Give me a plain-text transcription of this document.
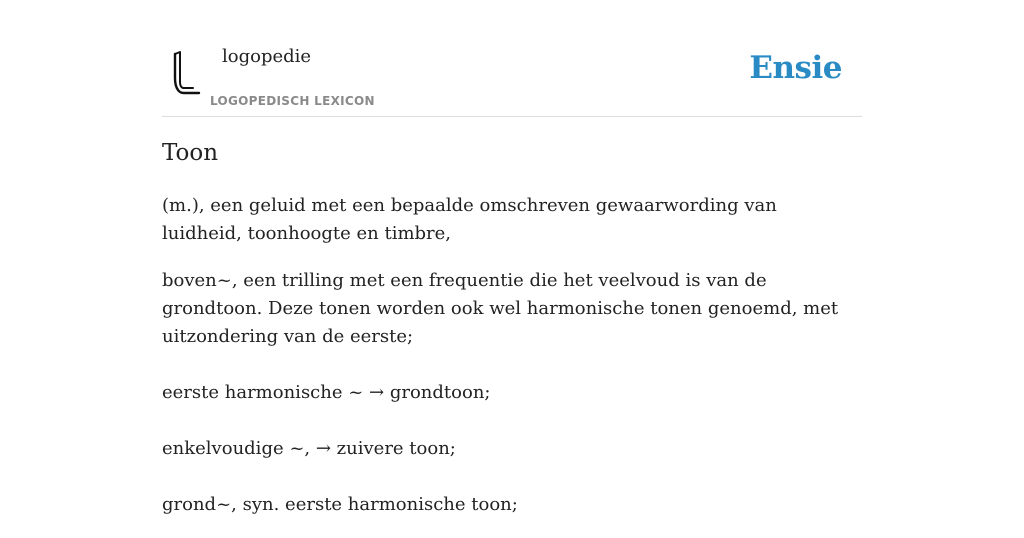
logopedie
LOGOPEDISCH LEXICON
Ensie
Toon

(m.), een geluid met een bepaalde omschreven gewaarwording van luidheid, toonhoogte en timbre,

boven~, een trilling met een frequentie die het veelvoud is van de grondtoon. Deze tonen worden ook wel harmonische tonen genoemd, met uitzondering van de eerste;

eerste harmonische ~ → grondtoon;

enkelvoudige ~, → zuivere toon;

grond~, syn. eerste harmonische toon;
